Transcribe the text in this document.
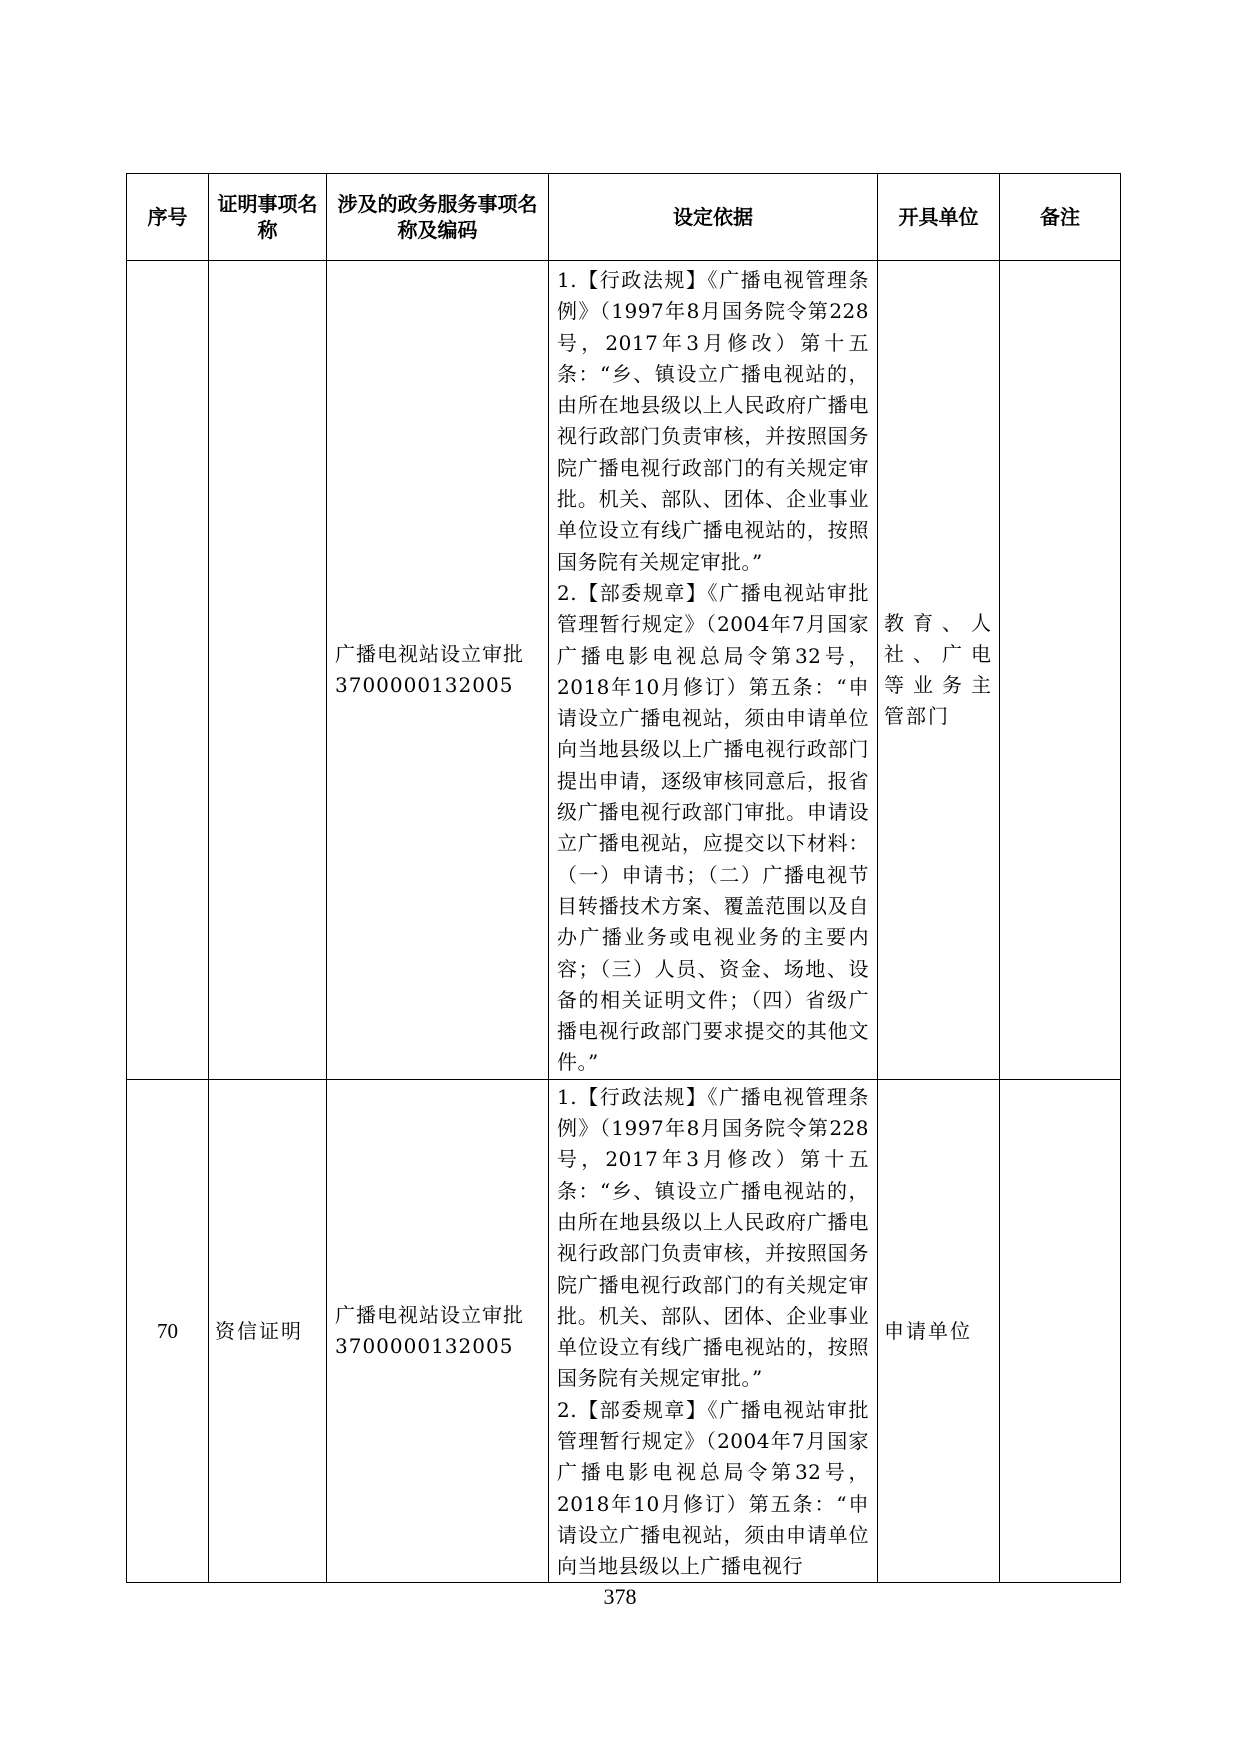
序号	证明事项名称	涉及的政务服务事项名称及编码	设定依据	开具单位	备注

		广播电视站设立审批
3700000132005	1.【行政法规】《广播电视管理条例》（1997年8月国务院令第228号，2017年3月修改）第十五条：“乡、镇设立广播电视站的，由所在地县级以上人民政府广播电视行政部门负责审核，并按照国务院广播电视行政部门的有关规定审批。机关、部队、团体、企业事业单位设立有线广播电视站的，按照国务院有关规定审批。”
2.【部委规章】《广播电视站审批管理暂行规定》（2004年7月国家广播电影电视总局令第32号，2018年10月修订）第五条：“申请设立广播电视站，须由申请单位向当地县级以上广播电视行政部门提出申请，逐级审核同意后，报省级广播电视行政部门审批。申请设立广播电视站，应提交以下材料：（一）申请书；（二）广播电视节目转播技术方案、覆盖范围以及自办广播业务或电视业务的主要内容；（三）人员、资金、场地、设备的相关证明文件；（四）省级广播电视行政部门要求提交的其他文件。”	教育、人社、广电等业务主管部门	

70	资信证明	广播电视站设立审批
3700000132005	1.【行政法规】《广播电视管理条例》（1997年8月国务院令第228号，2017年3月修改）第十五条：“乡、镇设立广播电视站的，由所在地县级以上人民政府广播电视行政部门负责审核，并按照国务院广播电视行政部门的有关规定审批。机关、部队、团体、企业事业单位设立有线广播电视站的，按照国务院有关规定审批。”
2.【部委规章】《广播电视站审批管理暂行规定》（2004年7月国家广播电影电视总局令第32号，2018年10月修订）第五条：“申请设立广播电视站，须由申请单位向当地县级以上广播电视行	申请单位	

378
